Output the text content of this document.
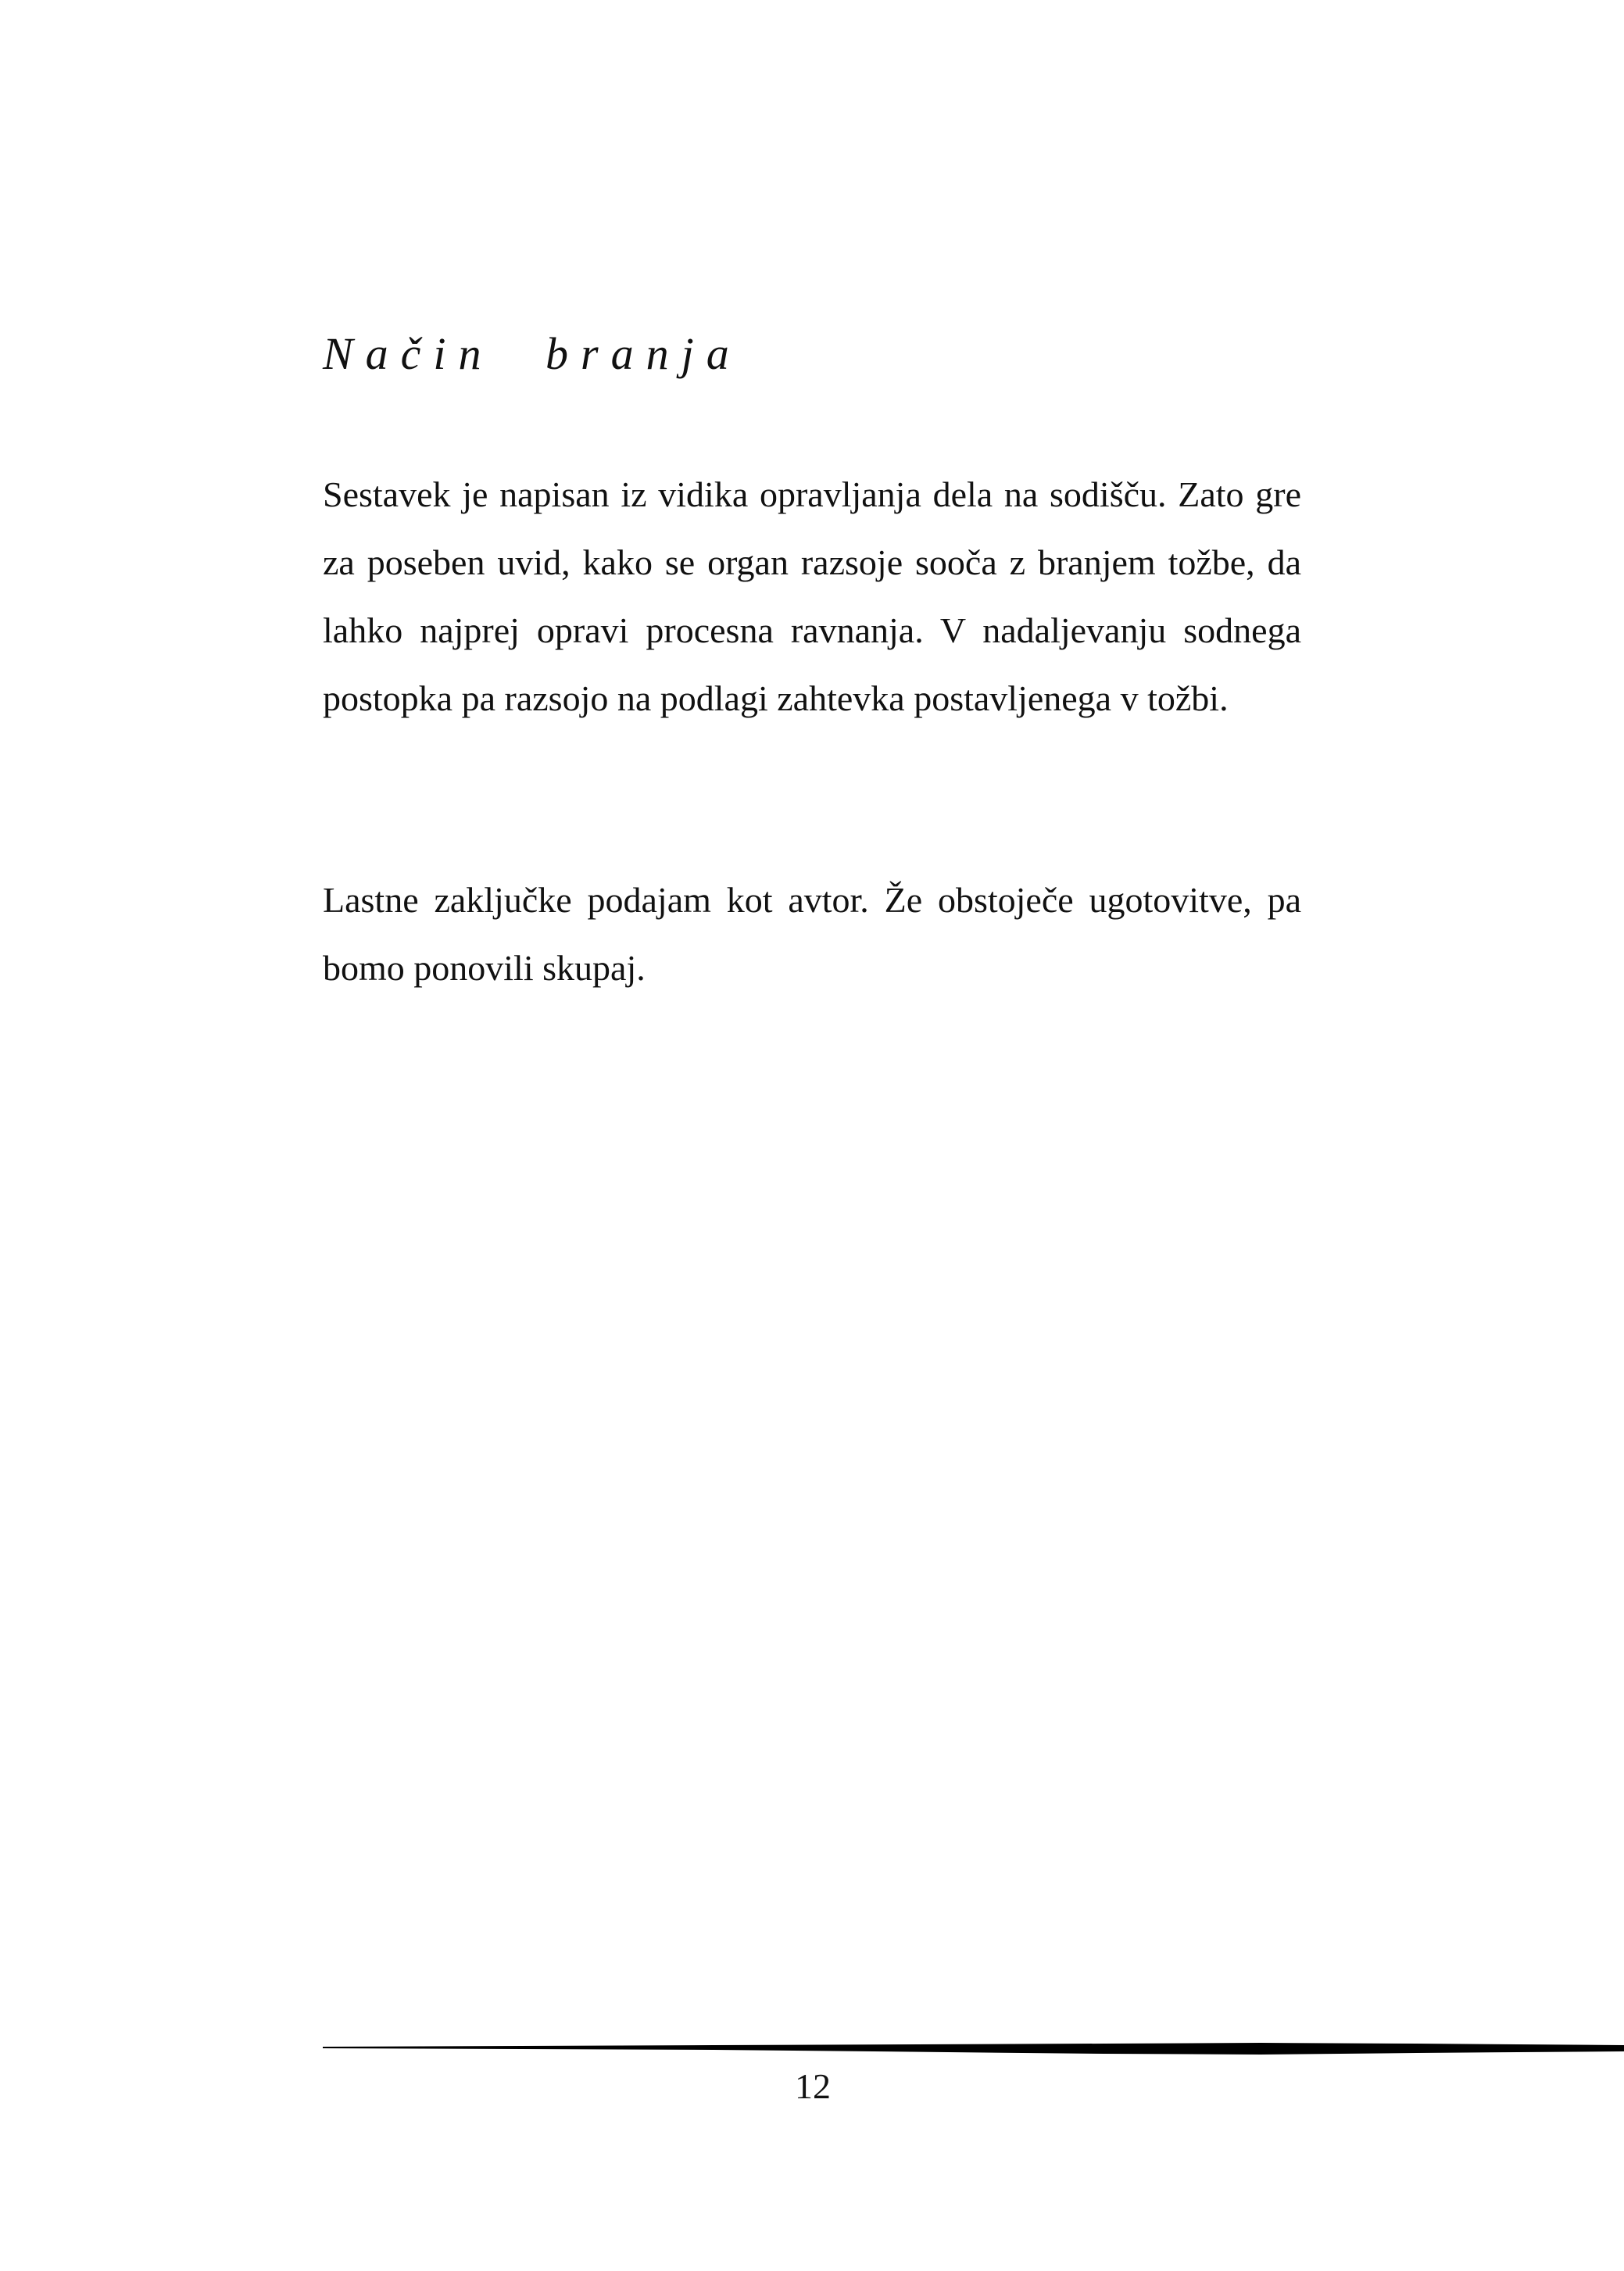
Način branja

Sestavek je napisan iz vidika opravljanja dela na sodišču. Zato gre za poseben uvid, kako se organ razsoje sooča z branjem tožbe, da lahko najprej opravi procesna ravnanja. V nadaljevanju sodnega postopka pa razsojo na podlagi zahtevka postavljenega v tožbi.

Lastne zaključke podajam kot avtor. Že obstoječe ugotovitve, pa bomo ponovili skupaj.

12
